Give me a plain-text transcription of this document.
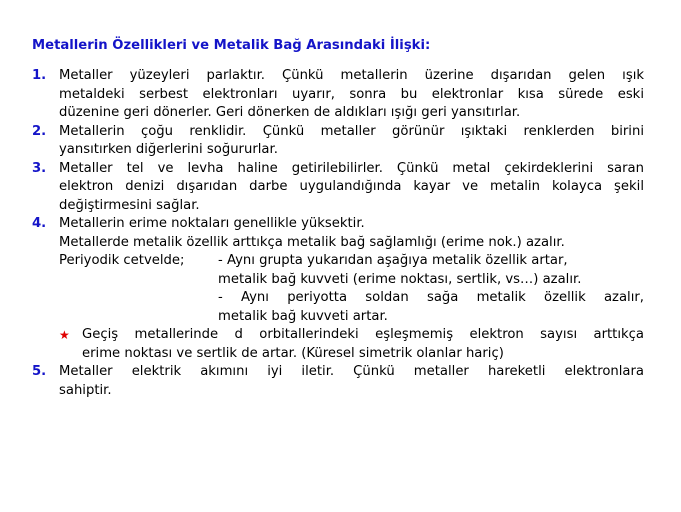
Metallerin Özellikleri ve Metalik Bağ Arasındaki İlişki:
1. Metaller yüzeyleri parlaktır. Çünkü metallerin üzerine dışarıdan gelen ışık
metaldeki serbest elektronları uyarır, sonra bu elektronlar kısa sürede eski
düzenine geri dönerler. Geri dönerken de aldıkları ışığı geri yansıtırlar.
2. Metallerin çoğu renklidir. Çünkü metaller görünür ışıktaki renklerden birini
yansıtırken diğerlerini soğururlar.
3. Metaller tel ve levha haline getirilebilirler. Çünkü metal çekirdeklerini saran
elektron denizi dışarıdan darbe uygulandığında kayar ve metalin kolayca şekil
değiştirmesini sağlar.
4. Metallerin erime noktaları genellikle yüksektir.
Metallerde metalik özellik arttıkça metalik bağ sağlamlığı (erime nok.) azalır.
Periyodik cetvelde;	- Aynı grupta yukarıdan aşağıya metalik özellik artar,
metalik bağ kuvveti (erime noktası, sertlik, vs…) azalır.
- Aynı periyotta soldan sağa metalik özellik azalır,
metalik bağ kuvveti artar.
★ Geçiş metallerinde d orbitallerindeki eşleşmemiş elektron sayısı arttıkça
erime noktası ve sertlik de artar. (Küresel simetrik olanlar hariç)
5. Metaller elektrik akımını iyi iletir. Çünkü metaller hareketli elektronlara
sahiptir.
